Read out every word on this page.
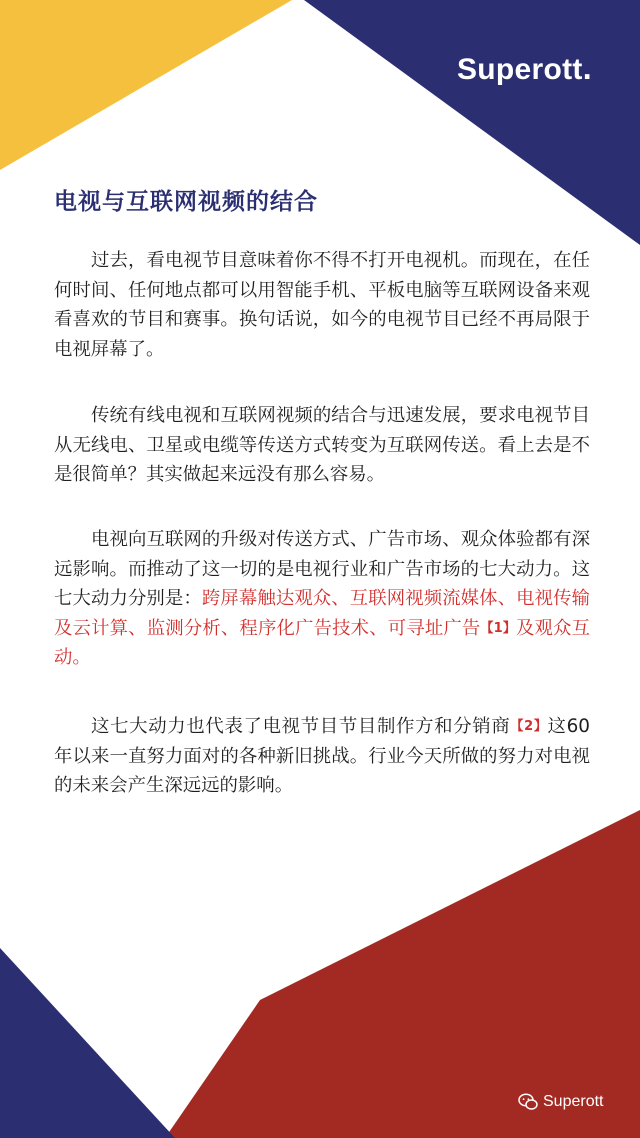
Superott.
电视与互联网视频的结合

过去，看电视节目意味着你不得不打开电视机。而现在，在任何时间、任何地点都可以用智能手机、平板电脑等互联网设备来观看喜欢的节目和赛事。换句话说，如今的电视节目已经不再局限于电视屏幕了。

传统有线电视和互联网视频的结合与迅速发展，要求电视节目从无线电、卫星或电缆等传送方式转变为互联网传送。看上去是不是很简单？其实做起来远没有那么容易。

电视向互联网的升级对传送方式、广告市场、观众体验都有深远影响。而推动了这一切的是电视行业和广告市场的七大动力。这七大动力分别是：跨屏幕触达观众、互联网视频流媒体、电视传输及云计算、监测分析、程序化广告技术、可寻址广告【1】及观众互动。

这七大动力也代表了电视节目节目制作方和分销商【2】这60年以来一直努力面对的各种新旧挑战。行业今天所做的努力对电视的未来会产生深远远的影响。

Superott
